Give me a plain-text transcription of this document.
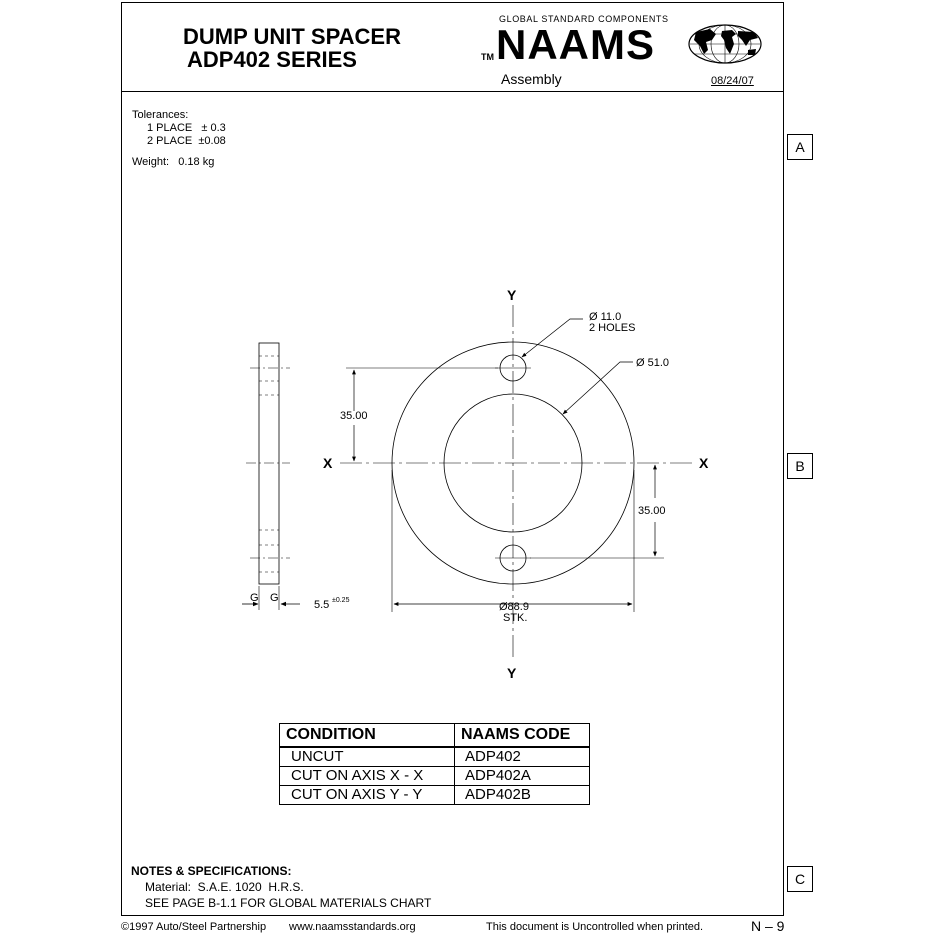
DUMP UNIT SPACER
ADP402 SERIES
GLOBAL STANDARD COMPONENTS
TM NAAMS
Assembly	08/24/07
Tolerances:
1 PLACE   ± 0.3
2 PLACE  ±0.08
Weight:   0.18 kg
A
B
C
G G
5.5 ±0.25
Y
Y
X	X
Ø 11.0
2 HOLES
Ø 51.0
35.00
35.00
Ø88.9
STK.
CONDITION	NAAMS CODE
UNCUT	ADP402
CUT ON AXIS X - X	ADP402A
CUT ON AXIS Y - Y	ADP402B
NOTES & SPECIFICATIONS:
Material:  S.A.E. 1020  H.R.S.
SEE PAGE B-1.1 FOR GLOBAL MATERIALS CHART
©1997 Auto/Steel Partnership www.naamsstandards.org	This document is Uncontrolled when printed.	N – 9
